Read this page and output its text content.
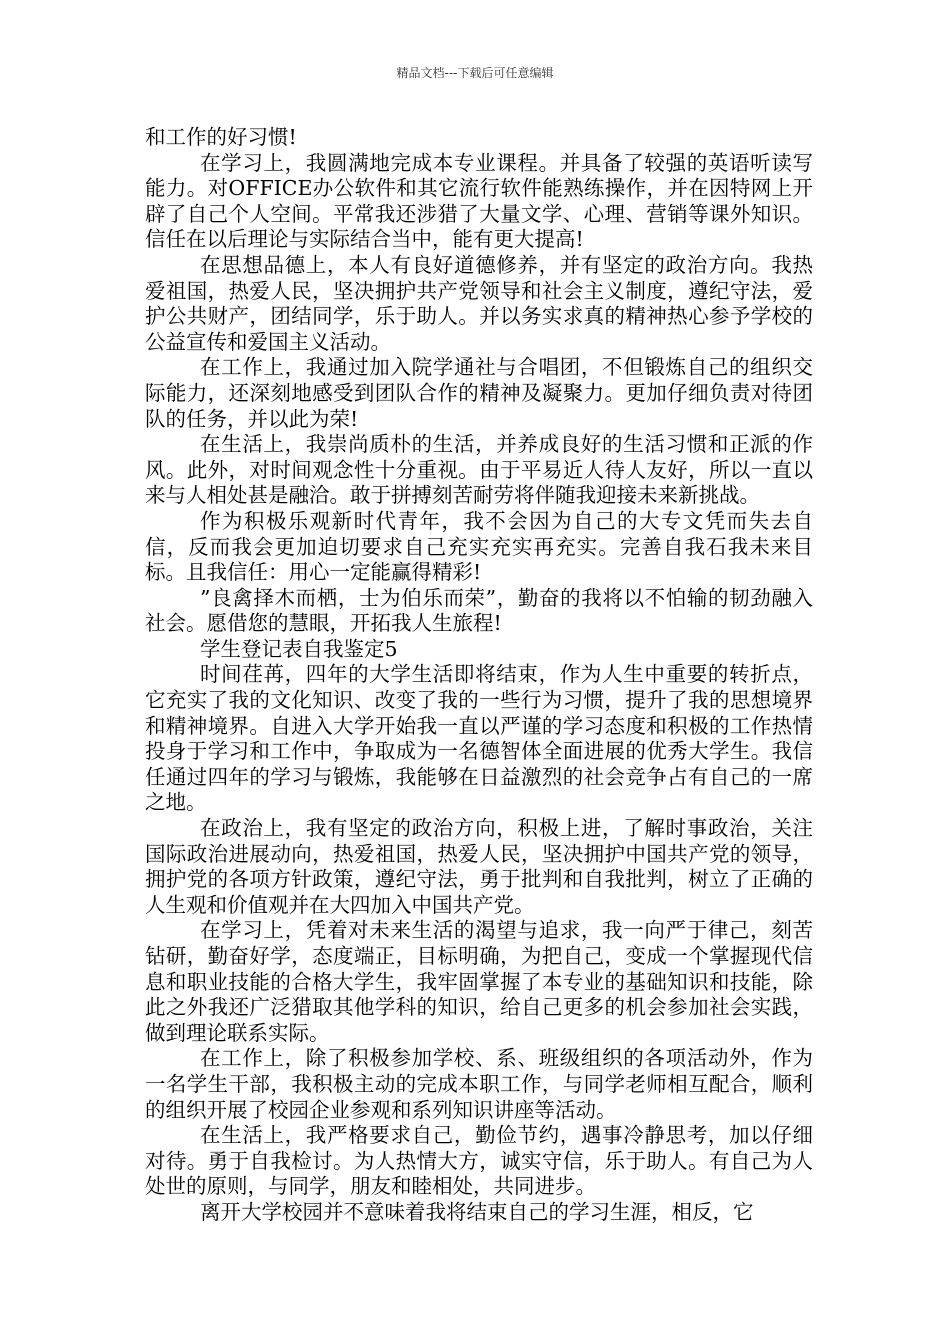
精品文档---下载后可任意编辑

和工作的好习惯!

在学习上，我圆满地完成本专业课程。并具备了较强的英语听读写能力。对OFFICE办公软件和其它流行软件能熟练操作，并在因特网上开辟了自己个人空间。平常我还涉猎了大量文学、心理、营销等课外知识。信任在以后理论与实际结合当中，能有更大提高!

在思想品德上，本人有良好道德修养，并有坚定的政治方向。我热爱祖国，热爱人民，坚决拥护共产党领导和社会主义制度，遵纪守法，爱护公共财产，团结同学，乐于助人。并以务实求真的精神热心参予学校的公益宣传和爱国主义活动。

在工作上，我通过加入院学通社与合唱团，不但锻炼自己的组织交际能力，还深刻地感受到团队合作的精神及凝聚力。更加仔细负责对待团队的任务，并以此为荣!

在生活上，我崇尚质朴的生活，并养成良好的生活习惯和正派的作风。此外，对时间观念性十分重视。由于平易近人待人友好，所以一直以来与人相处甚是融洽。敢于拼搏刻苦耐劳将伴随我迎接未来新挑战。

作为积极乐观新时代青年，我不会因为自己的大专文凭而失去自信，反而我会更加迫切要求自己充实充实再充实。完善自我石我未来目标。且我信任：用心一定能赢得精彩!

”良禽择木而栖，士为伯乐而荣”，勤奋的我将以不怕输的韧劲融入社会。愿借您的慧眼，开拓我人生旅程!

学生登记表自我鉴定5

时间荏苒，四年的大学生活即将结束，作为人生中重要的转折点，它充实了我的文化知识、改变了我的一些行为习惯，提升了我的思想境界和精神境界。自进入大学开始我一直以严谨的学习态度和积极的工作热情投身于学习和工作中，争取成为一名德智体全面进展的优秀大学生。我信任通过四年的学习与锻炼，我能够在日益激烈的社会竞争占有自己的一席之地。

在政治上，我有坚定的政治方向，积极上进，了解时事政治，关注国际政治进展动向，热爱祖国，热爱人民，坚决拥护中国共产党的领导，拥护党的各项方针政策，遵纪守法，勇于批判和自我批判，树立了正确的人生观和价值观并在大四加入中国共产党。

在学习上，凭着对未来生活的渴望与追求，我一向严于律己，刻苦钻研，勤奋好学，态度端正，目标明确，为把自己，变成一个掌握现代信息和职业技能的合格大学生，我牢固掌握了本专业的基础知识和技能，除此之外我还广泛猎取其他学科的知识，给自己更多的机会参加社会实践，做到理论联系实际。

在工作上，除了积极参加学校、系、班级组织的各项活动外，作为一名学生干部，我积极主动的完成本职工作，与同学老师相互配合，顺利的组织开展了校园企业参观和系列知识讲座等活动。

在生活上，我严格要求自己，勤俭节约，遇事冷静思考，加以仔细对待。勇于自我检讨。为人热情大方，诚实守信，乐于助人。有自己为人处世的原则，与同学，朋友和睦相处，共同进步。

离开大学校园并不意味着我将结束自己的学习生涯，相反，它
